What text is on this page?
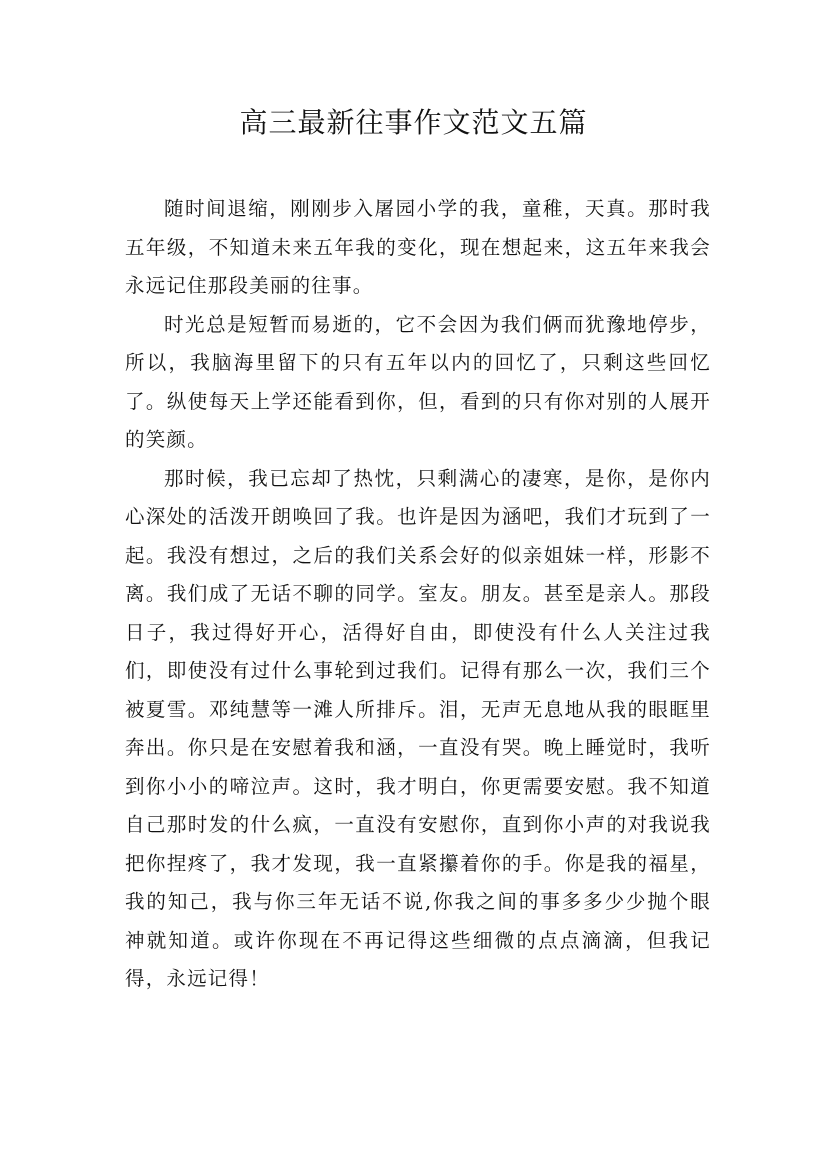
高三最新往事作文范文五篇

随时间退缩，刚刚步入屠园小学的我，童稚，天真。那时我五年级，不知道未来五年我的变化，现在想起来，这五年来我会永远记住那段美丽的往事。

时光总是短暂而易逝的，它不会因为我们俩而犹豫地停步，所以，我脑海里留下的只有五年以内的回忆了，只剩这些回忆了。纵使每天上学还能看到你，但，看到的只有你对别的人展开的笑颜。

那时候，我已忘却了热忱，只剩满心的凄寒，是你，是你内心深处的活泼开朗唤回了我。也许是因为涵吧，我们才玩到了一起。我没有想过，之后的我们关系会好的似亲姐妹一样，形影不离。我们成了无话不聊的同学。室友。朋友。甚至是亲人。那段日子，我过得好开心，活得好自由，即使没有什么人关注过我们，即使没有过什么事轮到过我们。记得有那么一次，我们三个被夏雪。邓纯慧等一滩人所排斥。泪，无声无息地从我的眼眶里奔出。你只是在安慰着我和涵，一直没有哭。晚上睡觉时，我听到你小小的啼泣声。这时，我才明白，你更需要安慰。我不知道自己那时发的什么疯，一直没有安慰你，直到你小声的对我说我把你捏疼了，我才发现，我一直紧攥着你的手。你是我的福星，我的知己，我与你三年无话不说,你我之间的事多多少少抛个眼神就知道。或许你现在不再记得这些细微的点点滴滴，但我记得，永远记得！
